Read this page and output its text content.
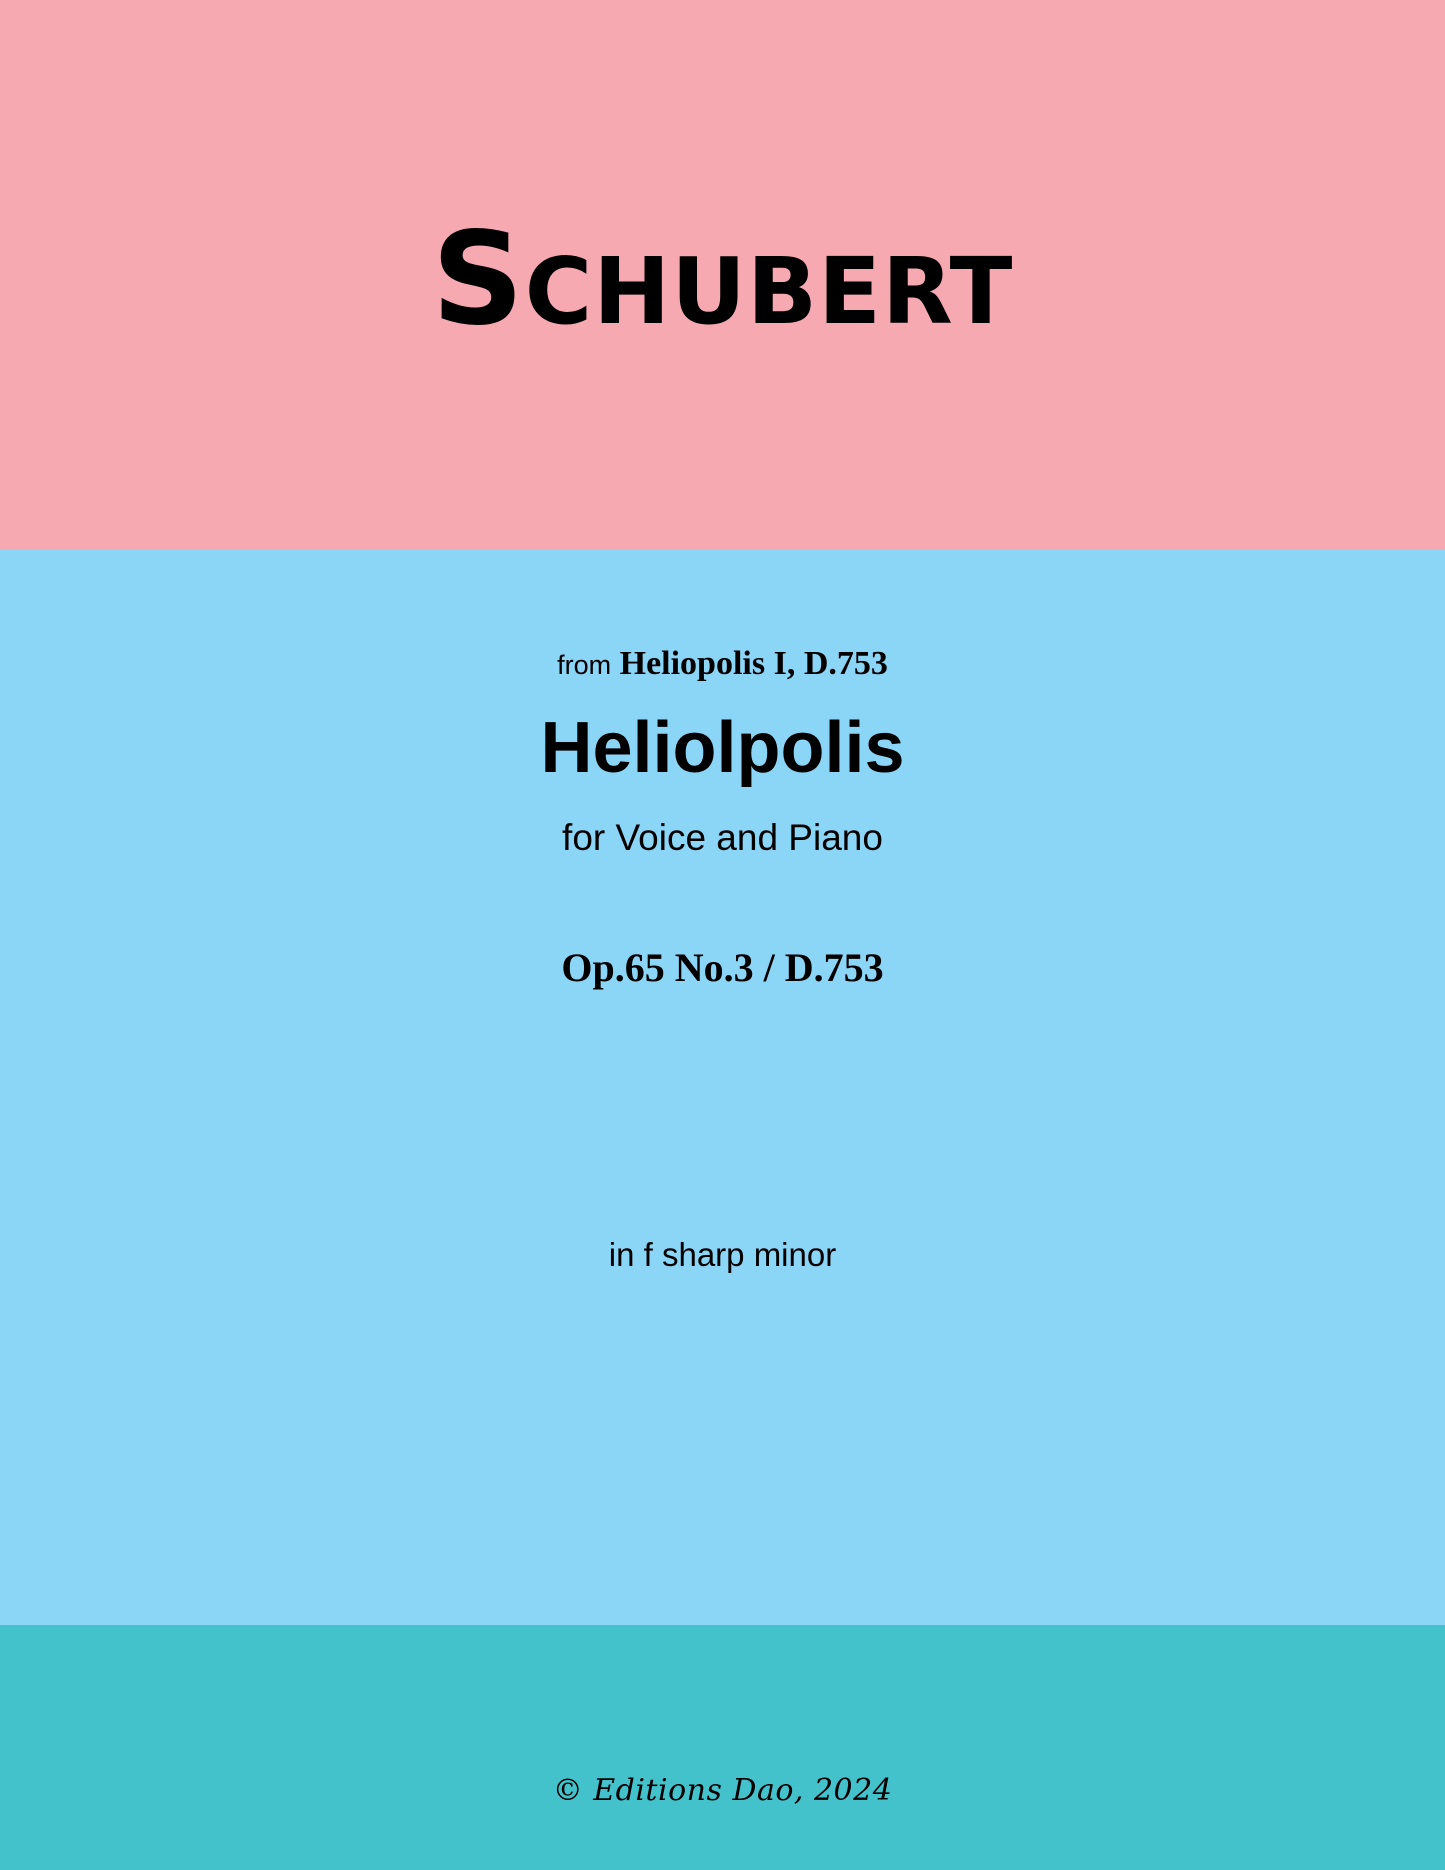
SCHUBERT
from Heliopolis I, D.753
Heliolpolis
for Voice and Piano
Op.65 No.3 / D.753
in f sharp minor
© Editions Dao, 2024
